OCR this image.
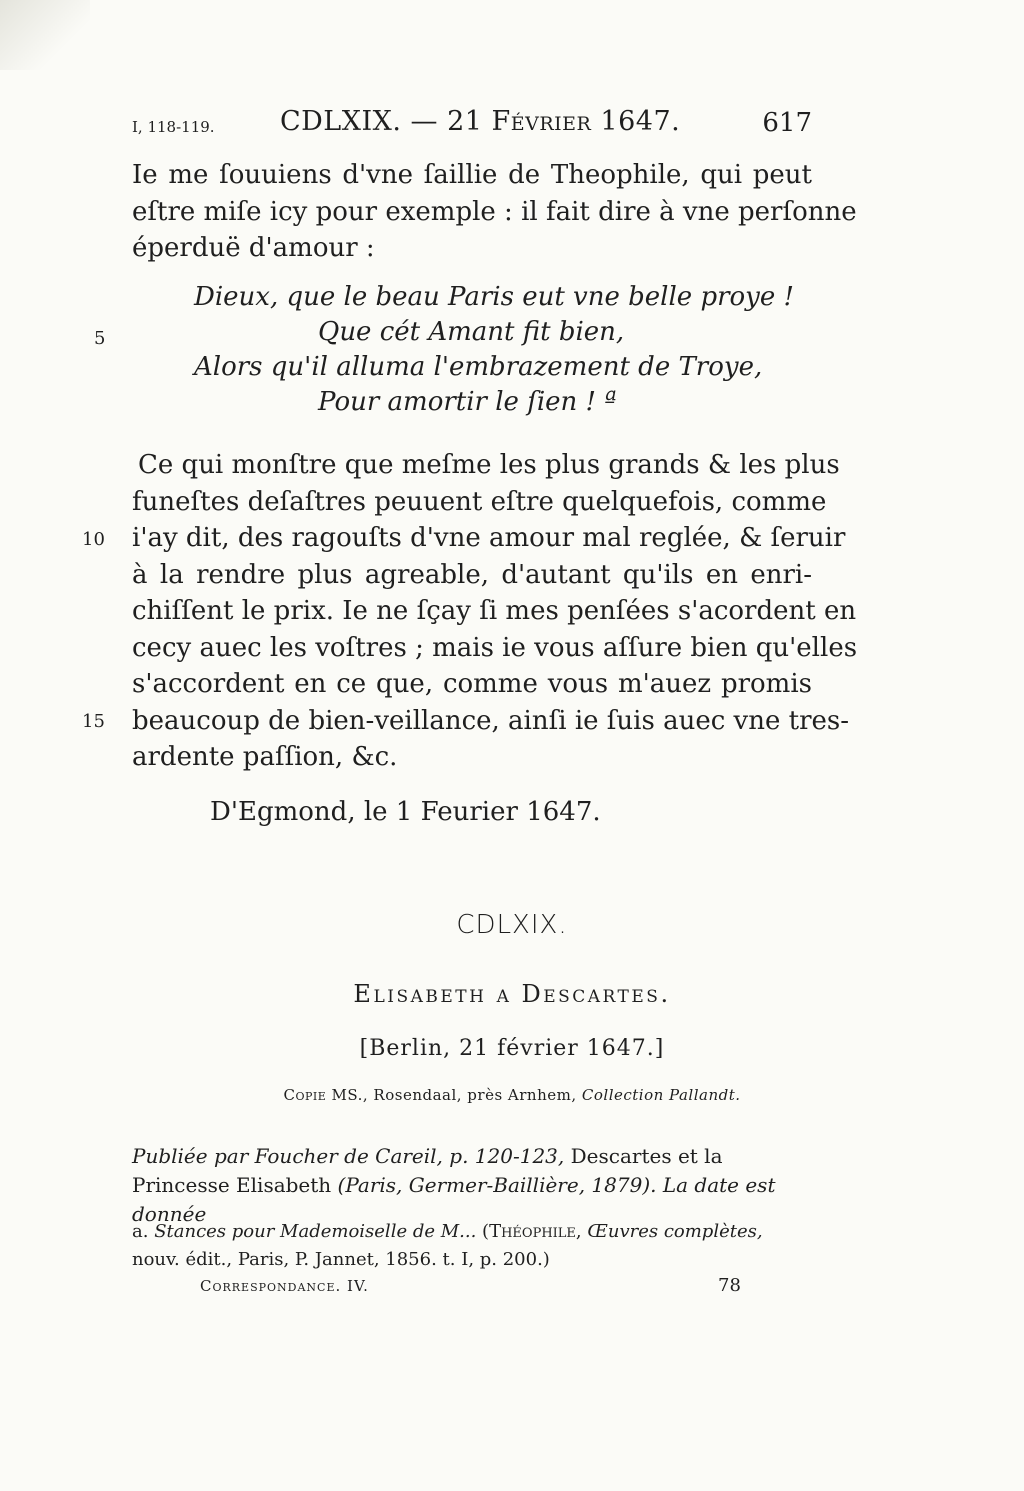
I, 118-119. CDLXIX. — 21 Février 1647.	617
Ie me ſouuiens d'vne ſaillie de Theophile, qui peut
eſtre miſe icy pour exemple : il fait dire à vne perſonne
éperduë d'amour :
Dieux, que le beau Paris eut vne belle proye !
Que cét Amant fit bien,
Alors qu'il alluma l'embrazement de Troye,
Pour amortir le ſien ! ª
5
Ce qui monſtre que meſme les plus grands & les plus
funeſtes deſaſtres peuuent eſtre quelquefois, comme
i'ay dit, des ragouſts d'vne amour mal reglée, & ſeruir
à la rendre plus agreable, d'autant qu'ils en enri-
chiſſent le prix. Ie ne ſçay ſi mes penſées s'acordent en
cecy auec les voſtres ; mais ie vous aſſure bien qu'elles
s'accordent en ce que, comme vous m'auez promis
beaucoup de bien-veillance, ainſi ie ſuis auec vne tres-
ardente paſſion, &c.
10
15
D'Egmond, le 1 Feurier 1647.
CDLXIX.
Elisabeth a Descartes.
[Berlin, 21 février 1647.]
Copie MS., Rosendaal, près Arnhem, Collection Pallandt.
Publiée par Foucher de Careil, p. 120-123, Descartes et la Princesse Elisabeth (Paris, Germer-Baillière, 1879). La date est donnée
a. Stances pour Mademoiselle de M... (Théophile, Œuvres complètes,
nouv. édit., Paris, P. Jannet, 1856. t. I, p. 200.)
Correspondance. IV.	78
